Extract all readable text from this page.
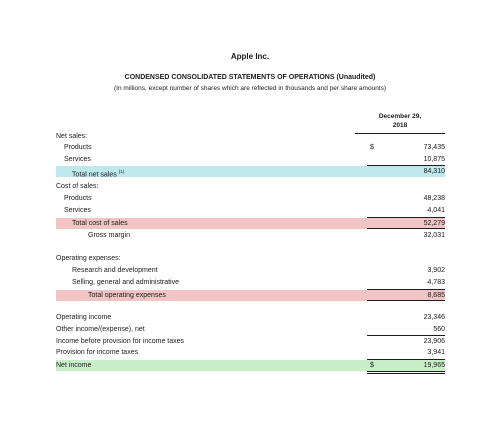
Apple Inc.
CONDENSED CONSOLIDATED STATEMENTS OF OPERATIONS (Unaudited)
(In millions, except number of shares which are reflected in thousands and per share amounts)
December 29,
2018
Net sales:
Products	$	73,435
Services	10,875
Total net sales $^{(1)}$	84,310
Cost of sales:
Products	48,238
Services	4,041
Total cost of sales	52,279
Gross margin	32,031
Operating expenses:
Research and development	3,902
Selling, general and administrative	4,783
Total operating expenses	8,685
Operating income	23,346
Other income/(expense), net	560
Income before provision for income taxes	23,906
Provision for income taxes	3,941
Net income	$	19,965
